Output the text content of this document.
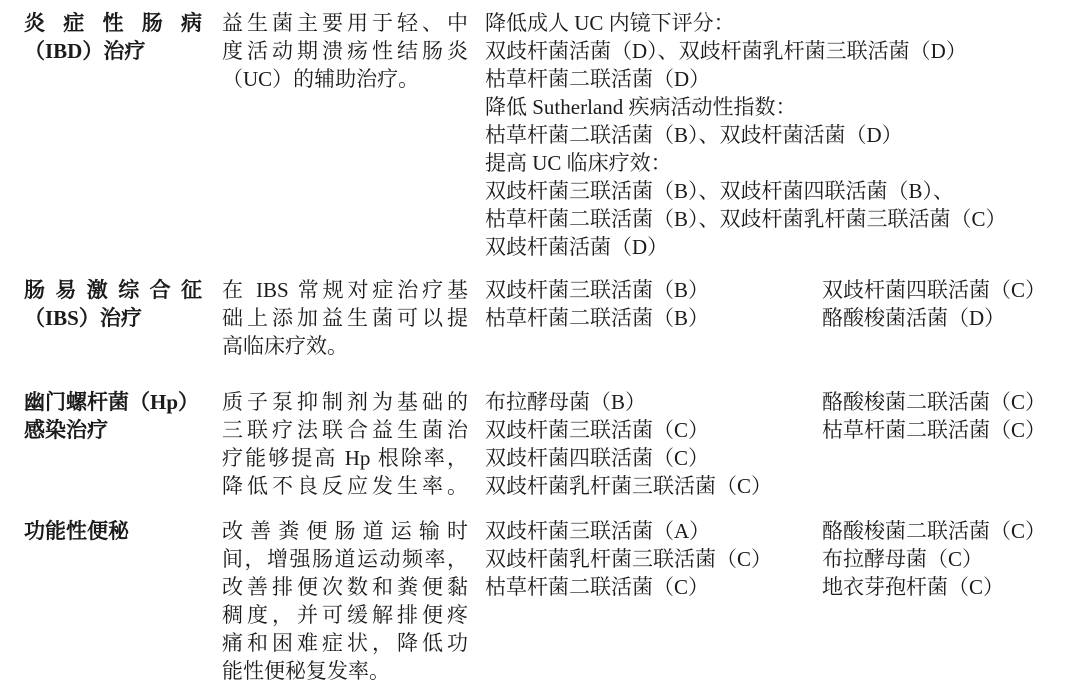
炎症性肠病
（IBD）治疗
益生菌主要用于轻、中
度活动期溃疡性结肠炎
（UC）的辅助治疗。
降低成人 UC 内镜下评分：
双歧杆菌活菌（D）、双歧杆菌乳杆菌三联活菌（D）
枯草杆菌二联活菌（D）
降低 Sutherland 疾病活动性指数：
枯草杆菌二联活菌（B）、双歧杆菌活菌（D）
提高 UC 临床疗效：
双歧杆菌三联活菌（B）、双歧杆菌四联活菌（B）、
枯草杆菌二联活菌（B）、双歧杆菌乳杆菌三联活菌（C）
双歧杆菌活菌（D）
肠易激综合征
（IBS）治疗
在 IBS 常规对症治疗基
础上添加益生菌可以提
高临床疗效。
双歧杆菌三联活菌（B）
枯草杆菌二联活菌（B）
双歧杆菌四联活菌（C）
酪酸梭菌活菌（D）
幽门螺杆菌（Hp）
感染治疗
质子泵抑制剂为基础的
三联疗法联合益生菌治
疗能够提高 Hp 根除率，
降低不良反应发生率。
布拉酵母菌（B）
双歧杆菌三联活菌（C）
双歧杆菌四联活菌（C）
双歧杆菌乳杆菌三联活菌（C）
酪酸梭菌二联活菌（C）
枯草杆菌二联活菌（C）
功能性便秘	改善粪便肠道运输时
间，增强肠道运动频率，
改善排便次数和粪便黏
稠度，并可缓解排便疼
痛和困难症状，降低功
能性便秘复发率。
双歧杆菌三联活菌（A）
双歧杆菌乳杆菌三联活菌（C）
枯草杆菌二联活菌（C）
酪酸梭菌二联活菌（C）
布拉酵母菌（C）
地衣芽孢杆菌（C）
